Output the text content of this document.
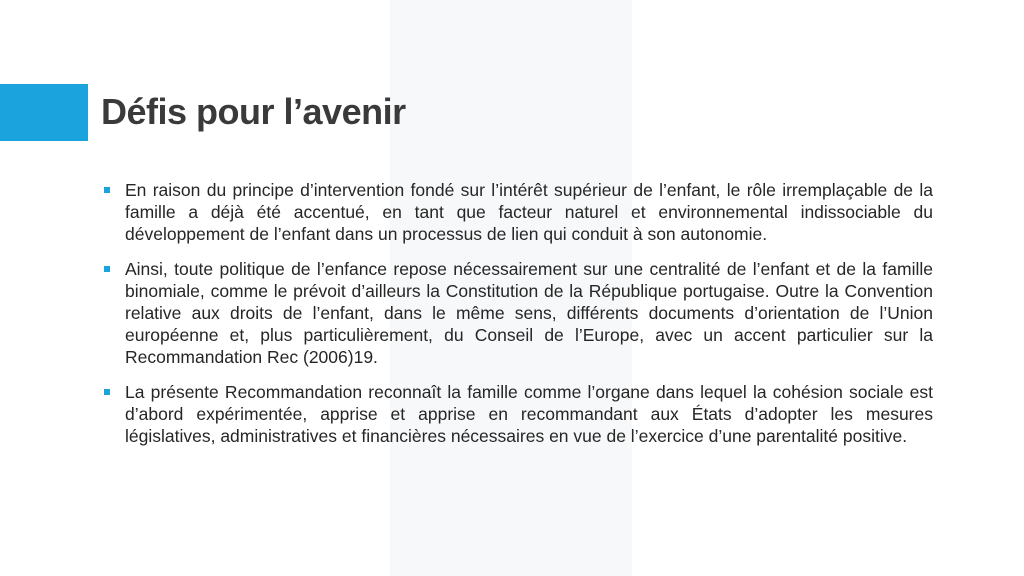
Défis pour l’avenir
En raison du principe d’intervention fondé sur l’intérêt supérieur de l’enfant, le rôle irremplaçable de la famille a déjà été accentué, en tant que facteur naturel et environnemental indissociable du développement de l’enfant dans un processus de lien qui conduit à son autonomie.
Ainsi, toute politique de l’enfance repose nécessairement sur une centralité de l’enfant et de la famille binomiale, comme le prévoit d’ailleurs la Constitution de la République portugaise. Outre la Convention relative aux droits de l’enfant, dans le même sens, différents documents d’orientation de l’Union européenne et, plus particulièrement, du Conseil de l’Europe, avec un accent particulier sur la Recommandation Rec (2006)19.
La présente Recommandation reconnaît la famille comme l’organe dans lequel la cohésion sociale est d’abord expérimentée, apprise et apprise en recommandant aux États d’adopter les mesures législatives, administratives et financières nécessaires en vue de l’exercice d’une parentalité positive.
